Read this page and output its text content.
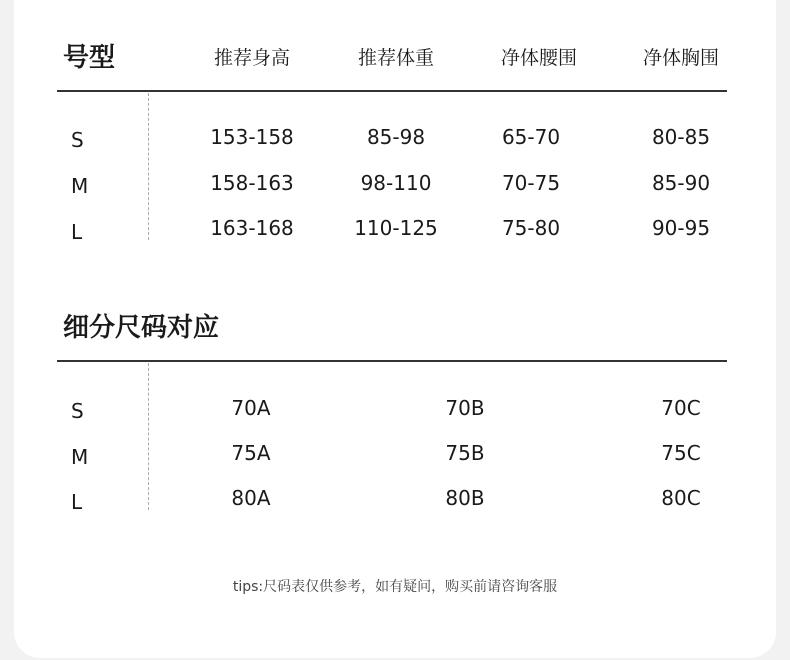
号型	推荐身高	推荐体重	净体腰围	净体胸围
S	153-158	85-98	65-70	80-85
M	158-163	98-110	70-75	85-90
L	163-168	110-125	75-80	90-95
细分尺码对应
S	70A	70B	70C
M	75A	75B	75C
L	80A	80B	80C
tips:尺码表仅供参考，如有疑问，购买前请咨询客服
